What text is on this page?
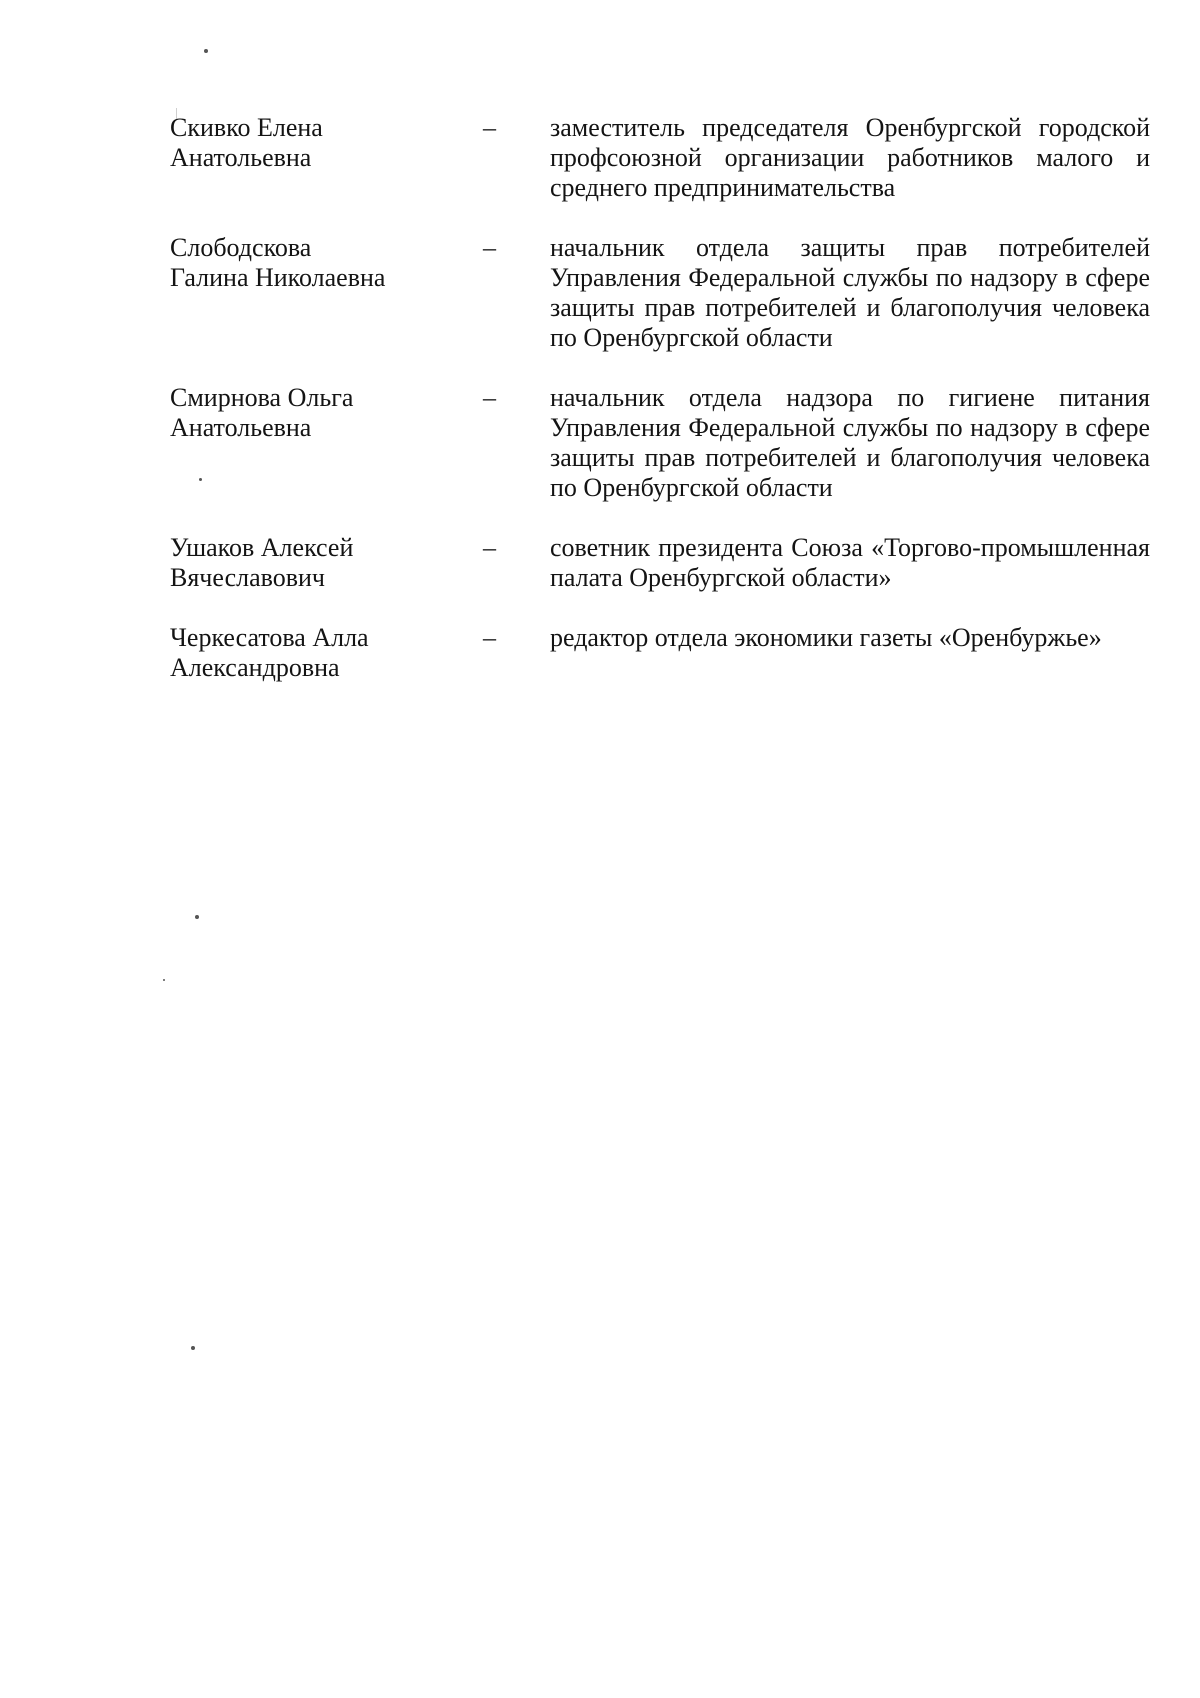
Скивко Елена
Анатольевна
–	заместитель председателя Оренбургской городской профсоюзной организации работников малого и среднего предпринимательства
Слободскова
Галина Николаевна
–	начальник отдела защиты прав потребителей Управления Федеральной службы по надзору в сфере защиты прав потребителей и благополучия человека по Оренбургской области
Смирнова Ольга
Анатольевна
–	начальник отдела надзора по гигиене питания Управления Федеральной службы по надзору в сфере защиты прав потребителей и благополучия человека по Оренбургской области
Ушаков Алексей
Вячеславович
–	советник президента Союза «Торгово-промышленная палата Оренбургской области»
Черкесатова Алла
Александровна
–	редактор отдела экономики газеты «Оренбуржье»
